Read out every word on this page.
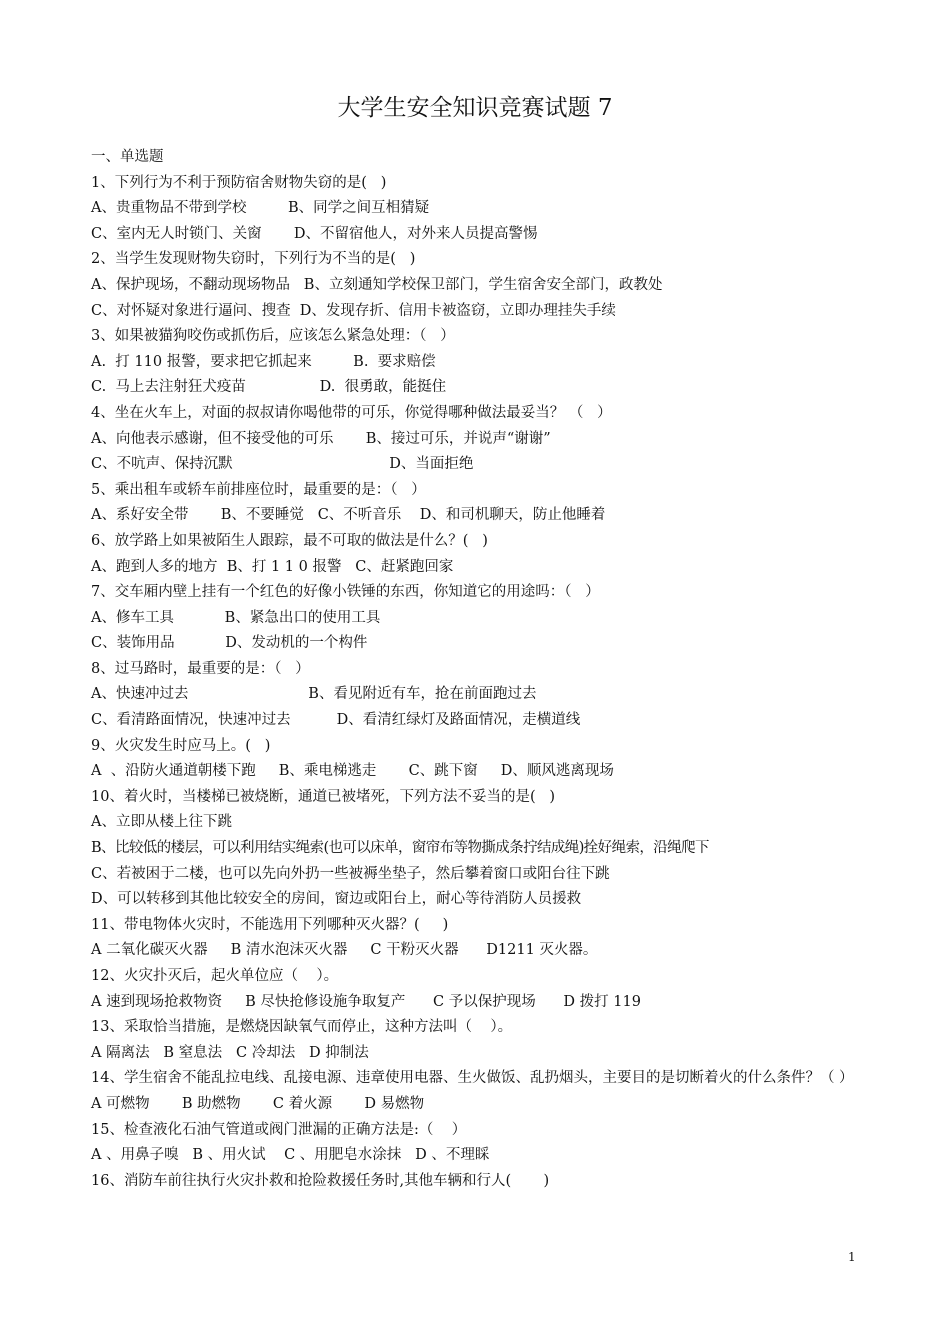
大学生安全知识竞赛试题 7
一、单选题
1、下列行为不利于预防宿舍财物失窃的是(   )
A、贵重物品不带到学校         B、同学之间互相猜疑
C、室内无人时锁门、关窗       D、不留宿他人，对外来人员提高警惕
2、当学生发现财物失窃时，下列行为不当的是(   )
A、保护现场，不翻动现场物品   B、立刻通知学校保卫部门，学生宿舍安全部门，政教处
C、对怀疑对象进行逼问、搜查  D、发现存折、信用卡被盗窃，立即办理挂失手续
3、如果被猫狗咬伤或抓伤后，应该怎么紧急处理：（   ）
A.  打 110 报警，要求把它抓起来         B.  要求赔偿
C.  马上去注射狂犬疫苗                D.  很勇敢，能挺住
4、坐在火车上，对面的叔叔请你喝他带的可乐，你觉得哪种做法最妥当？ （   ）
A、向他表示感谢，但不接受他的可乐       B、接过可乐，并说声“谢谢”
C、不吭声、保持沉默                                  D、当面拒绝
5、乘出租车或轿车前排座位时，最重要的是：（   ）
A、系好安全带       B、不要睡觉   C、不听音乐    D、和司机聊天，防止他睡着
6、放学路上如果被陌生人跟踪，最不可取的做法是什么？(   )
A、跑到人多的地方  B、打 1 1 0 报警   C、赶紧跑回家
7、交车厢内壁上挂有一个红色的好像小铁锤的东西，你知道它的用途吗：（   ）
A、修车工具           B、紧急出口的使用工具
C、装饰用品           D、发动机的一个构件
8、过马路时，最重要的是：（   ）
A、快速冲过去                          B、看见附近有车，抢在前面跑过去
C、看清路面情况，快速冲过去          D、看清红绿灯及路面情况，走横道线
9、火灾发生时应马上。(   )
A  、沿防火通道朝楼下跑     B、乘电梯逃走       C、跳下窗     D、顺风逃离现场
10、着火时，当楼梯已被烧断，通道已被堵死，下列方法不妥当的是(   )
A、立即从楼上往下跳
B、比较低的楼层，可以利用结实绳索(也可以床单，窗帘布等物撕成条拧结成绳)拴好绳索，沿绳爬下
C、若被困于二楼，也可以先向外扔一些被褥坐垫子，然后攀着窗口或阳台往下跳
D、可以转移到其他比较安全的房间，窗边或阳台上，耐心等待消防人员援救
11、带电物体火灾时，不能选用下列哪种灭火器？(     )
A 二氧化碳灭火器     B 清水泡沫灭火器     C 干粉灭火器      D1211 灭火器。
12、火灾扑灭后，起火单位应（    ）。
A 速到现场抢救物资     B 尽快抢修设施争取复产      C 予以保护现场      D 拨打 119
13、采取恰当措施，是燃烧因缺氧气而停止，这种方法叫（    ）。
A 隔离法   B 窒息法   C 冷却法   D 抑制法
14、学生宿舍不能乱拉电线、乱接电源、违章使用电器、生火做饭、乱扔烟头，主要目的是切断着火的什么条件？（ ）
A 可燃物       B 助燃物       C 着火源       D 易燃物
15、检查液化石油气管道或阀门泄漏的正确方法是:（    ）
A 、用鼻子嗅   B 、用火试    C 、用肥皂水涂抹   D 、不理睬
16、消防车前往执行火灾扑救和抢险救援任务时,其他车辆和行人(       )
1
